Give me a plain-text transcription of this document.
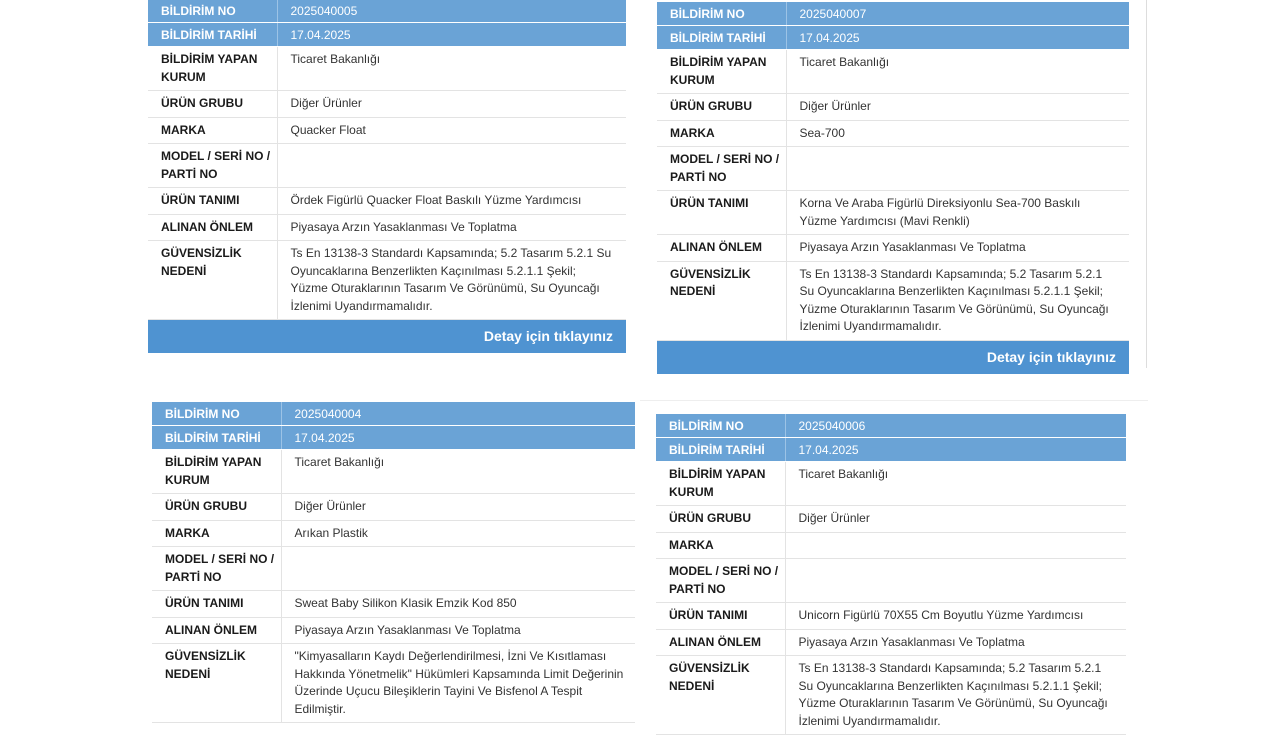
BİLDİRİM NO	2025040005
BİLDİRİM TARİHİ	17.04.2025
BİLDİRİM YAPAN KURUM	Ticaret Bakanlığı
ÜRÜN GRUBU	Diğer Ürünler
MARKA	Quacker Float
MODEL / SERİ NO / PARTİ NO	
ÜRÜN TANIMI	Ördek Figürlü Quacker Float Baskılı Yüzme Yardımcısı
ALINAN ÖNLEM	Piyasaya Arzın Yasaklanması Ve Toplatma
GÜVENSİZLİK NEDENİ	Ts En 13138-3 Standardı Kapsamında; 5.2 Tasarım 5.2.1 Su Oyuncaklarına Benzerlikten Kaçınılması 5.2.1.1 Şekil; Yüzme Oturaklarının Tasarım Ve Görünümü, Su Oyuncağı İzlenimi Uyandırmamalıdır.
Detay için tıklayınız
BİLDİRİM NO	2025040007
BİLDİRİM TARİHİ	17.04.2025
BİLDİRİM YAPAN KURUM	Ticaret Bakanlığı
ÜRÜN GRUBU	Diğer Ürünler
MARKA	Sea-700
MODEL / SERİ NO / PARTİ NO	
ÜRÜN TANIMI	Korna Ve Araba Figürlü Direksiyonlu Sea-700 Baskılı Yüzme Yardımcısı (Mavi Renkli)
ALINAN ÖNLEM	Piyasaya Arzın Yasaklanması Ve Toplatma
GÜVENSİZLİK NEDENİ	Ts En 13138-3 Standardı Kapsamında; 5.2 Tasarım 5.2.1 Su Oyuncaklarına Benzerlikten Kaçınılması 5.2.1.1 Şekil; Yüzme Oturaklarının Tasarım Ve Görünümü, Su Oyuncağı İzlenimi Uyandırmamalıdır.
Detay için tıklayınız
BİLDİRİM NO	2025040004
BİLDİRİM TARİHİ	17.04.2025
BİLDİRİM YAPAN KURUM	Ticaret Bakanlığı
ÜRÜN GRUBU	Diğer Ürünler
MARKA	Arıkan Plastik
MODEL / SERİ NO / PARTİ NO	
ÜRÜN TANIMI	Sweat Baby Silikon Klasik Emzik Kod 850
ALINAN ÖNLEM	Piyasaya Arzın Yasaklanması Ve Toplatma
GÜVENSİZLİK NEDENİ	"Kimyasalların Kaydı Değerlendirilmesi, İzni Ve Kısıtlaması Hakkında Yönetmelik" Hükümleri Kapsamında Limit Değerinin Üzerinde Uçucu Bileşiklerin Tayini Ve Bisfenol A Tespit Edilmiştir.
BİLDİRİM NO	2025040006
BİLDİRİM TARİHİ	17.04.2025
BİLDİRİM YAPAN KURUM	Ticaret Bakanlığı
ÜRÜN GRUBU	Diğer Ürünler
MARKA	
MODEL / SERİ NO / PARTİ NO	
ÜRÜN TANIMI	Unicorn Figürlü 70X55 Cm Boyutlu Yüzme Yardımcısı
ALINAN ÖNLEM	Piyasaya Arzın Yasaklanması Ve Toplatma
GÜVENSİZLİK NEDENİ	Ts En 13138-3 Standardı Kapsamında; 5.2 Tasarım 5.2.1 Su Oyuncaklarına Benzerlikten Kaçınılması 5.2.1.1 Şekil; Yüzme Oturaklarının Tasarım Ve Görünümü, Su Oyuncağı İzlenimi Uyandırmamalıdır.
